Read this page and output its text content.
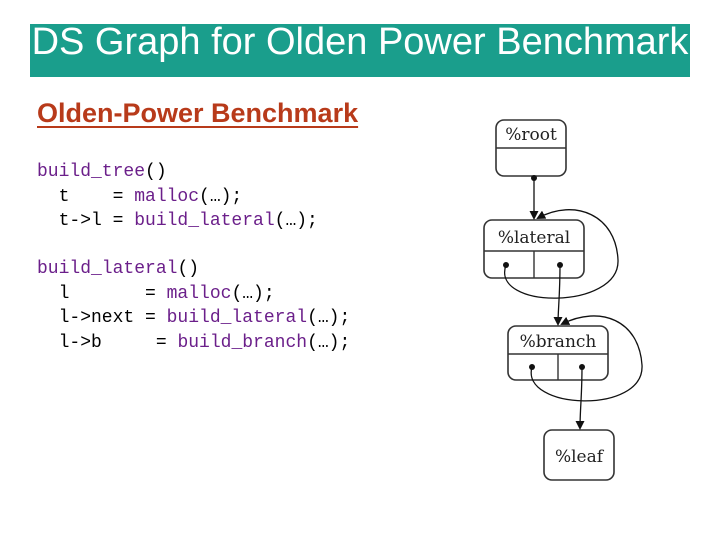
DS Graph for Olden Power Benchmark
Olden-Power Benchmark
build_tree()
t    = malloc(…);
t->l = build_lateral(…);
build_lateral()
l       = malloc(…);
l->next = build_lateral(…);
l->b     = build_branch(…);
%root
%lateral
%branch
%leaf
